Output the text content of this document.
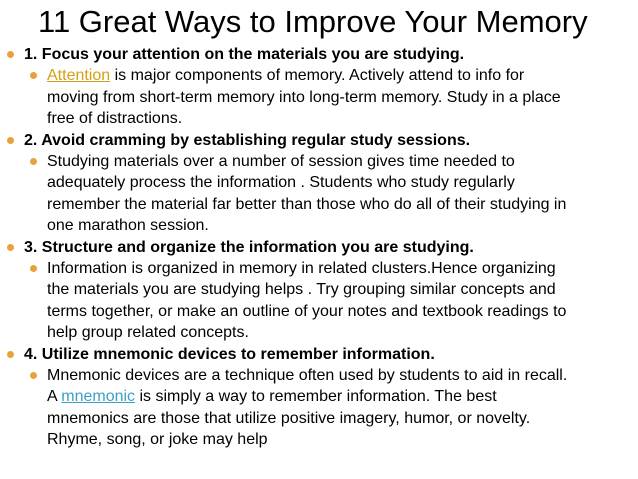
11 Great Ways to Improve Your Memory
1. Focus your attention on the materials you are studying.
Attention is major components of memory. Actively attend to info for
moving from short-term memory into long-term memory. Study in a place
free of distractions.
2. Avoid cramming by establishing regular study sessions.
Studying materials over a number of session gives time needed to
adequately process the information . Students who study regularly
remember the material far better than those who do all of their studying in
one marathon session.
3. Structure and organize the information you are studying.
Information is organized in memory in related clusters.Hence organizing
the materials you are studying helps . Try grouping similar concepts and
terms together, or make an outline of your notes and textbook readings to
help group related concepts.
4. Utilize mnemonic devices to remember information.
Mnemonic devices are a technique often used by students to aid in recall.
A mnemonic is simply a way to remember information. The best
mnemonics are those that utilize positive imagery, humor, or novelty.
Rhyme, song, or joke may help
